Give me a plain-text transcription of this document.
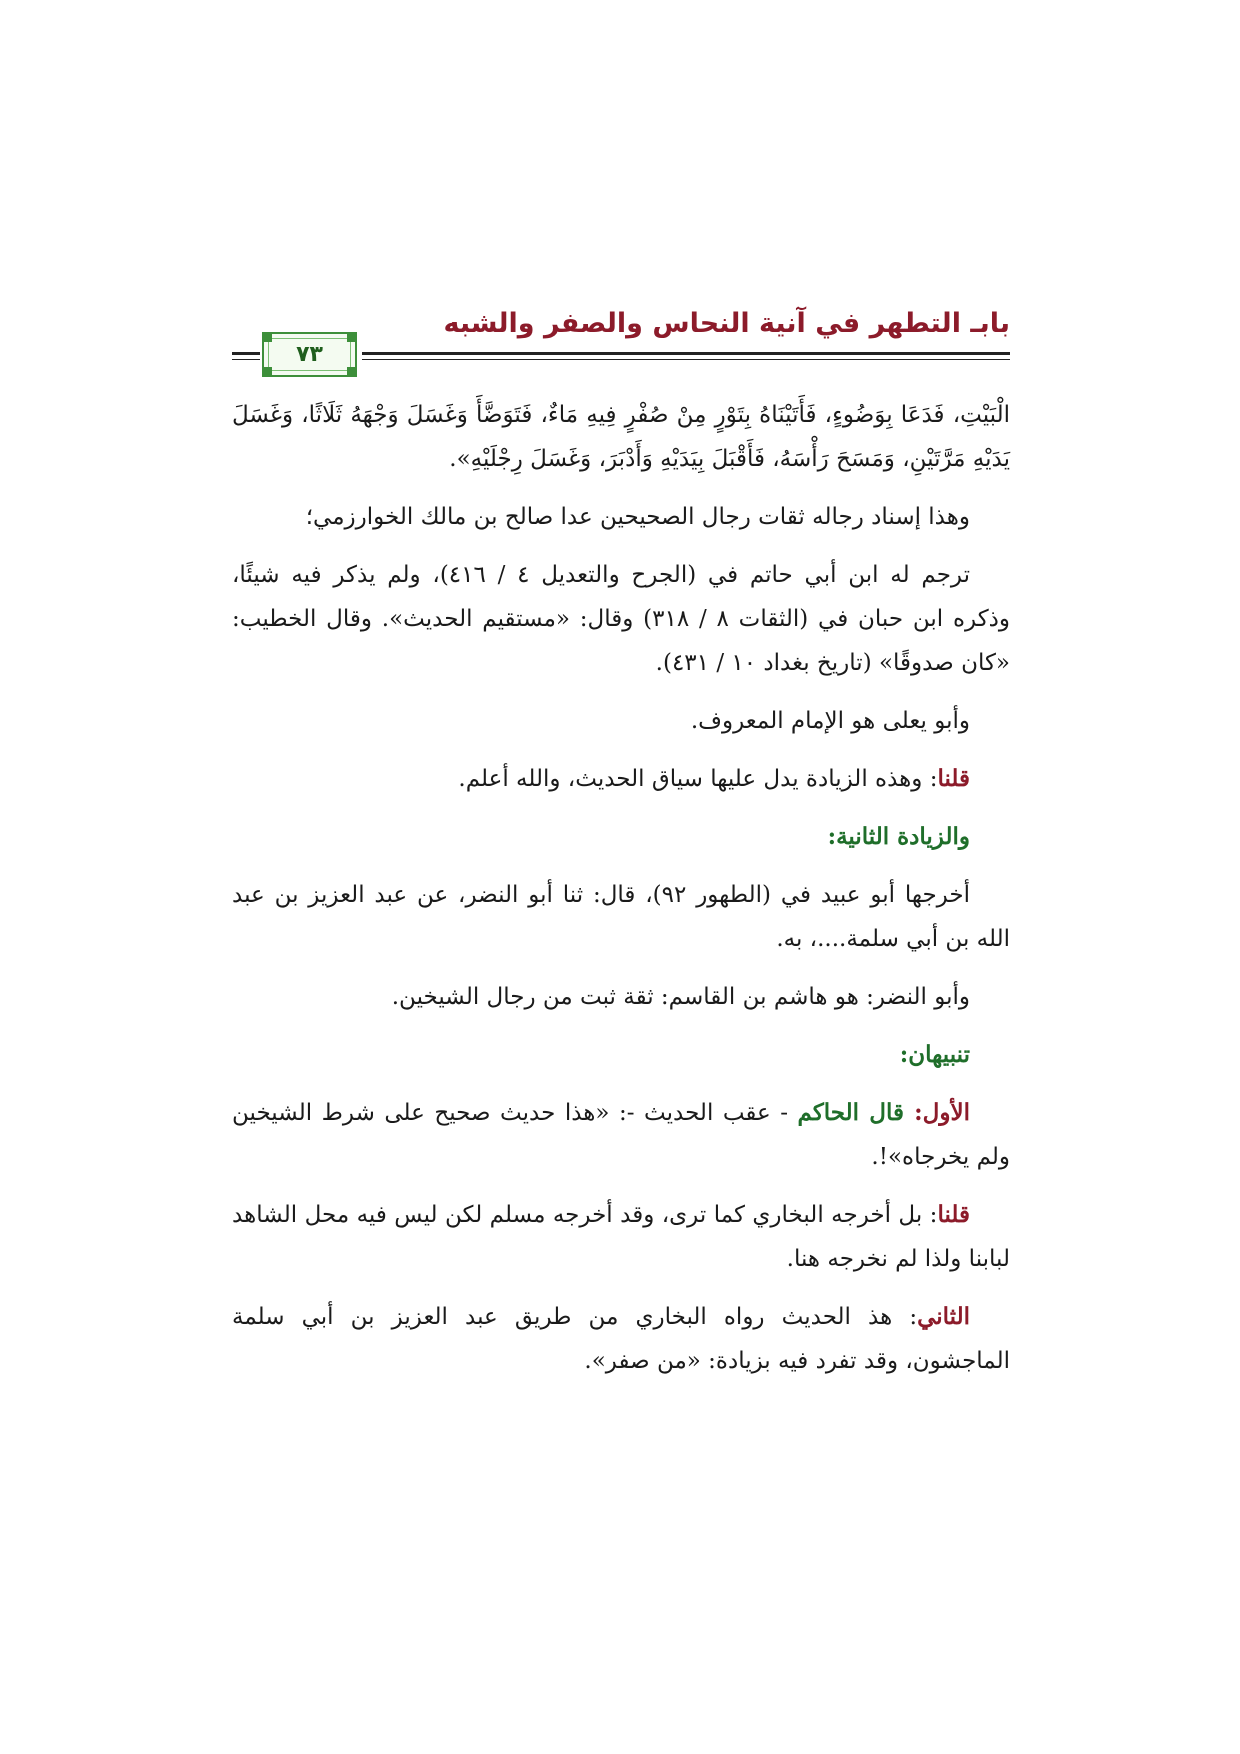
بابـ التطهر في آنية النحاس والصفر والشبه
٧٣

الْبَيْتِ، فَدَعَا بِوَضُوءٍ، فَأَتَيْنَاهُ بِتَوْرٍ مِنْ صُفْرٍ فِيهِ مَاءٌ، فَتَوَضَّأَ وَغَسَلَ وَجْهَهُ ثَلَاثًا، وَغَسَلَ يَدَيْهِ مَرَّتَيْنِ، وَمَسَحَ رَأْسَهُ، فَأَقْبَلَ بِيَدَيْهِ وَأَدْبَرَ، وَغَسَلَ رِجْلَيْهِ».

وهذا إسناد رجاله ثقات رجال الصحيحين عدا صالح بن مالك الخوارزمي؛

ترجم له ابن أبي حاتم في (الجرح والتعديل ٤ / ٤١٦)، ولم يذكر فيه شيئًا، وذكره ابن حبان في (الثقات ٨ / ٣١٨) وقال: «مستقيم الحديث». وقال الخطيب: «كان صدوقًا» (تاريخ بغداد ١٠ / ٤٣١).

وأبو يعلى هو الإمام المعروف.

قلنا: وهذه الزيادة يدل عليها سياق الحديث، والله أعلم.

والزيادة الثانية:

أخرجها أبو عبيد في (الطهور ٩٢)، قال: ثنا أبو النضر، عن عبد العزيز بن عبد الله بن أبي سلمة....، به.

وأبو النضر: هو هاشم بن القاسم: ثقة ثبت من رجال الشيخين.

تنبيهان:

الأول: قال الحاكم - عقب الحديث -: «هذا حديث صحيح على شرط الشيخين ولم يخرجاه»!.

قلنا: بل أخرجه البخاري كما ترى، وقد أخرجه مسلم لكن ليس فيه محل الشاهد لبابنا ولذا لم نخرجه هنا.

الثاني: هذ الحديث رواه البخاري من طريق عبد العزيز بن أبي سلمة الماجشون، وقد تفرد فيه بزيادة: «من صفر».
